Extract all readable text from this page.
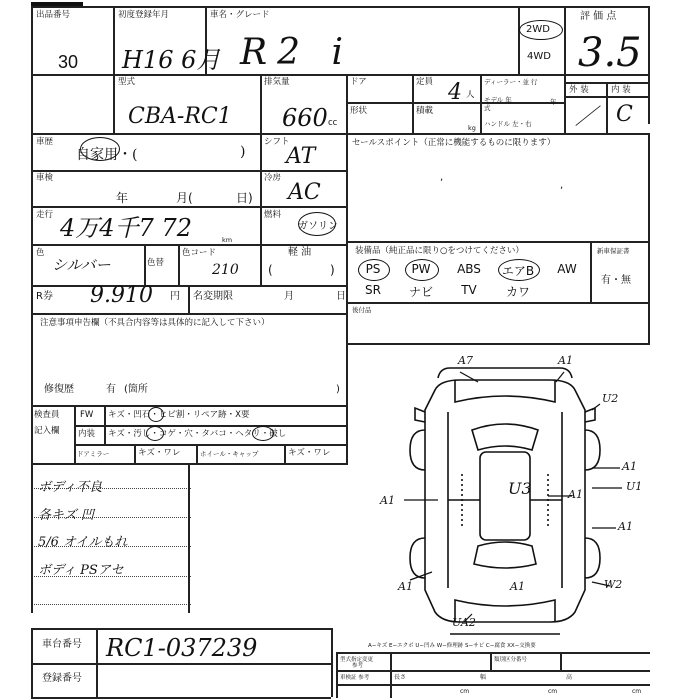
出品番号
30
初度登録年月
H16 6月
車名・グレード
R2 i
2WD
4WD
評 価 点
3.5
型式
CBA-RC1
排気量
660 cc
ドア	定員 4 人
ディーラー・並 行
モデル 年式
年
形状	積載
kg ハンドル 左・右
外 装	内 装
／ C
車歴
自家用・(	)
車検
年	月(	日)
走行 4万4千7 72	km
色
シルバー	色替
色コード
210 (	)
R券 9.910 円 名変期限	月	日
シフト
AT
冷房
AC
燃料
ガソリン
軽 油
セールスポイント（正常に機能するものに限ります）
,
,
装備品（純正品に限り○をつけてください）	新車保証書
有・無
PS	PW	ABS	エアB	AW
SR	ナビ	TV	カワ
後付品
注意事項申告欄（不具合内容等は具体的に記入して下さい）
修復歴	有 (箇所	)
検査員
記入欄
FW キズ・凹石・ヒビ割・リペア跡・X要
内装 キズ・汚し・コゲ・穴・タバコ・ヘタリ・破し
ドアミラー	キズ・ワレ	ホイール・キャップ	キズ・ワレ
ボディ不良
各キズ 凹
5/6 オイルもれ
ボディ PSアセ
A7	A1
U2
A1
U1
A1
U3
A1
A1
A1	A1	W2
UA2
A−キズ E−エクボ U−凹み W−修理跡 S−サビ C−腐食 XX−交換要
車台番号 RC1-037239
登録番号
型式指定変更
参考
類別区分番号
車検証 参考	長さ
cm
幅
cm
高
cm
